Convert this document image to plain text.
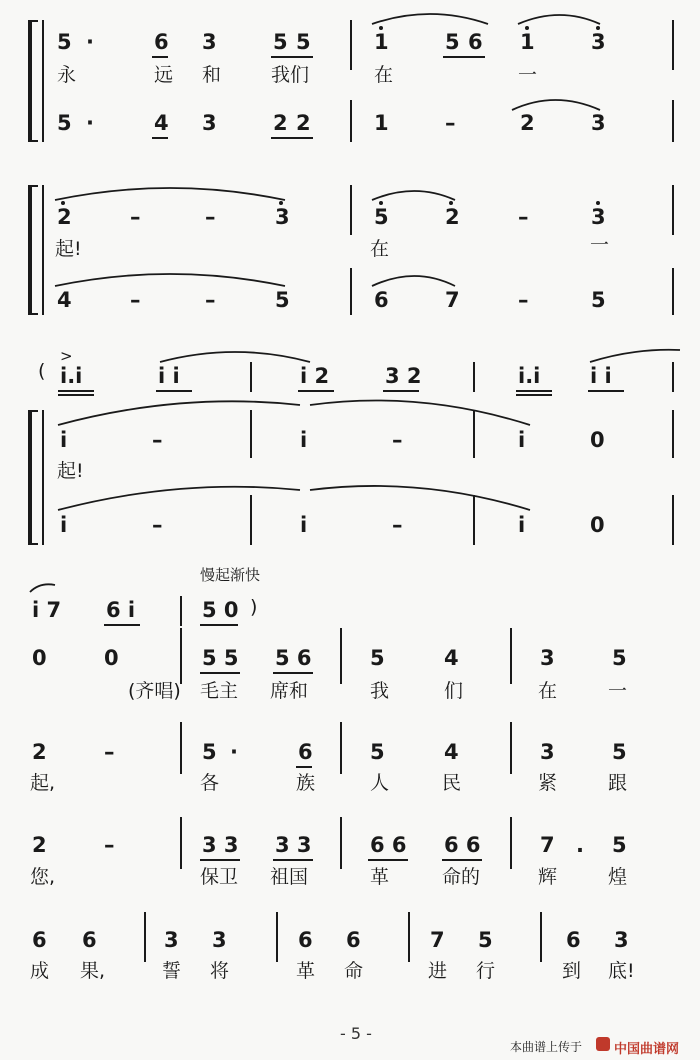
5 ·	6 3	5 5	1	5 6 1	3
永	远 和	我们	在	一
5 ·	4 3	2 2	1	–	2	3
2	–	–	3	5	2	–	3
起!	在	一
4	–	–	5	6	7	–	5
(
>
i.i	i i	i 2	3 2	i.i i i
i	–	i	–	i	0
起!
i	–	i	–	i	0
慢起渐快
i 7 6 i	5 0 )
0	0	5 5 5 6	5	4	3	5
(齐唱) 毛主 席和	我	们	在	一
2	–	5 ·	6	5	4	3	5
起,	各	族	人	民	紧	跟
2	–	3 3 3 3	6 6 6 6	7 . 5
您,	保卫 祖国	革	命的	辉	煌
6 6	3 3	6 6	7 5	6 3
成 果,	誓 将	革 命	进 行	到 底!
- 5 -
本曲谱上传于 中国曲谱网
